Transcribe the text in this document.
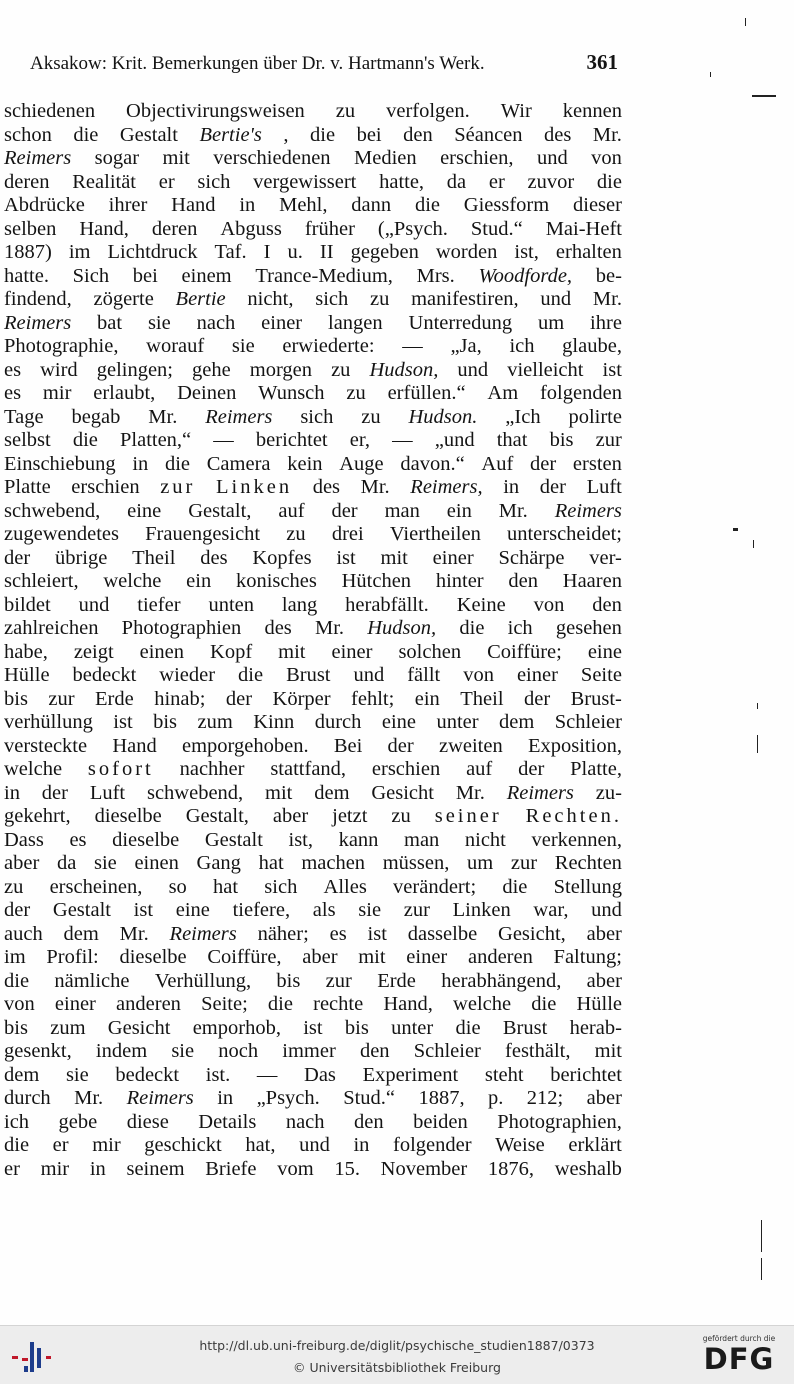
Aksakow: Krit. Bemerkungen über Dr. v. Hartmann's Werk.	361
schiedenen Objectivirungsweisen zu verfolgen. Wir kennen
schon die Gestalt Bertie's , die bei den Séancen des Mr.
Reimers sogar mit verschiedenen Medien erschien, und von
deren Realität er sich vergewissert hatte, da er zuvor die
Abdrücke ihrer Hand in Mehl, dann die Giessform dieser
selben Hand, deren Abguss früher („Psych. Stud.“ Mai-Heft
1887) im Lichtdruck Taf. I u. II gegeben worden ist, erhalten
hatte. Sich bei einem Trance-Medium, Mrs. Woodforde, be-
findend, zögerte Bertie nicht, sich zu manifestiren, und Mr.
Reimers bat sie nach einer langen Unterredung um ihre
Photographie, worauf sie erwiederte: — „Ja, ich glaube,
es wird gelingen; gehe morgen zu Hudson, und vielleicht ist
es mir erlaubt, Deinen Wunsch zu erfüllen.“ Am folgenden
Tage begab Mr. Reimers sich zu Hudson. „Ich polirte
selbst die Platten,“ — berichtet er, — „und that bis zur
Einschiebung in die Camera kein Auge davon.“ Auf der ersten
Platte erschien zur Linken des Mr. Reimers, in der Luft
schwebend, eine Gestalt, auf der man ein Mr. Reimers
zugewendetes Frauengesicht zu drei Viertheilen unterscheidet;
der übrige Theil des Kopfes ist mit einer Schärpe ver-
schleiert, welche ein konisches Hütchen hinter den Haaren
bildet und tiefer unten lang herabfällt. Keine von den
zahlreichen Photographien des Mr. Hudson, die ich gesehen
habe, zeigt einen Kopf mit einer solchen Coiffüre; eine
Hülle bedeckt wieder die Brust und fällt von einer Seite
bis zur Erde hinab; der Körper fehlt; ein Theil der Brust-
verhüllung ist bis zum Kinn durch eine unter dem Schleier
versteckte Hand emporgehoben. Bei der zweiten Exposition,
welche sofort nachher stattfand, erschien auf der Platte,
in der Luft schwebend, mit dem Gesicht Mr. Reimers zu-
gekehrt, dieselbe Gestalt, aber jetzt zu seiner Rechten.
Dass es dieselbe Gestalt ist, kann man nicht verkennen,
aber da sie einen Gang hat machen müssen, um zur Rechten
zu erscheinen, so hat sich Alles verändert; die Stellung
der Gestalt ist eine tiefere, als sie zur Linken war, und
auch dem Mr. Reimers näher; es ist dasselbe Gesicht, aber
im Profil: dieselbe Coiffüre, aber mit einer anderen Faltung;
die nämliche Verhüllung, bis zur Erde herabhängend, aber
von einer anderen Seite; die rechte Hand, welche die Hülle
bis zum Gesicht emporhob, ist bis unter die Brust herab-
gesenkt, indem sie noch immer den Schleier festhält, mit
dem sie bedeckt ist. — Das Experiment steht berichtet
durch Mr. Reimers in „Psych. Stud.“ 1887, p. 212; aber
ich gebe diese Details nach den beiden Photographien,
die er mir geschickt hat, und in folgender Weise erklärt
er mir in seinem Briefe vom 15. November 1876, weshalb
http://dl.ub.uni-freiburg.de/diglit/psychische_studien1887/0373
© Universitätsbibliothek Freiburg
gefördert durch die
DFG
